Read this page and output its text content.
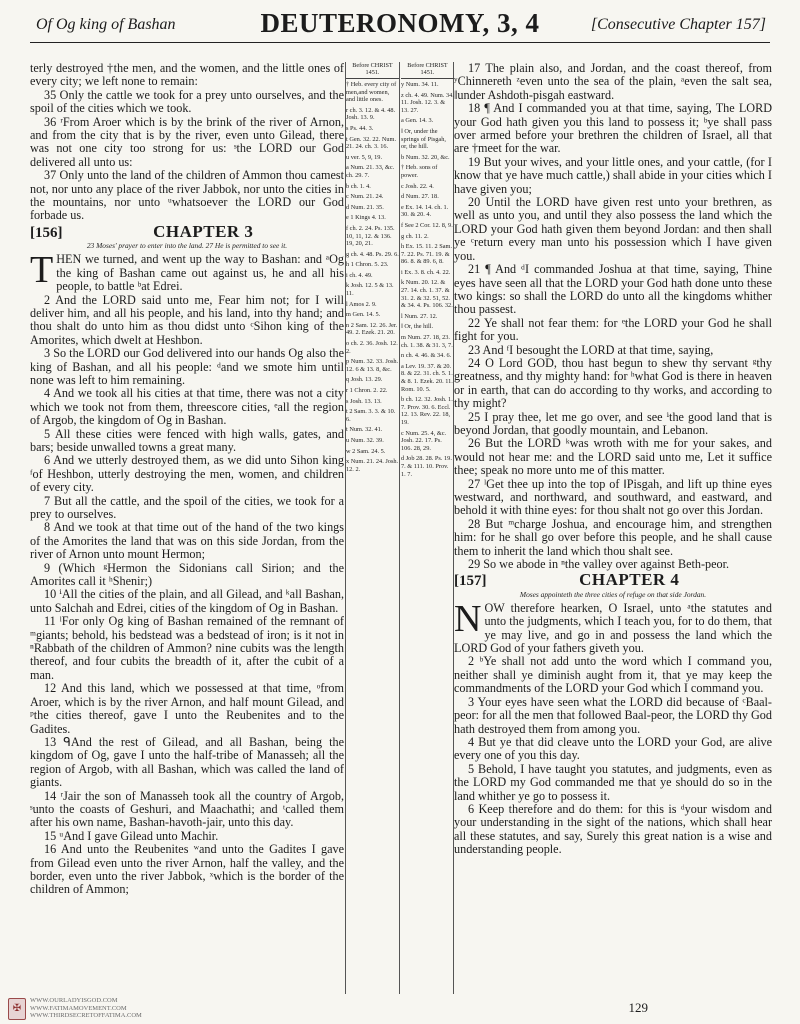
Of Og king of Bashan	DEUTERONOMY, 3, 4	[Consecutive Chapter 157]

terly destroyed †the men, and the women, and the little ones of every city; we left none to remain:

35 Only the cattle we took for a prey unto ourselves, and the spoil of the cities which we took.

36 ʳFrom Aroer which is by the brink of the river of Arnon, and from the city that is by the river, even unto Gilead, there was not one city too strong for us: ˢthe LORD our God delivered all unto us:

37 Only unto the land of the children of Ammon thou camest not, nor unto any place of the river Jabbok, nor unto the cities in the mountains, nor unto ᵘwhatsoever the LORD our God forbade us.

[156]	CHAPTER 3
23 Moses' prayer to enter into the land. 27 He is permitted to see it.
T HEN we turned, and went up the way to Bashan: and ᵃOg the king of Bashan came out against us, he and all his people, to battle ᵇat Edrei.

2 And the LORD said unto me, Fear him not; for I will deliver him, and all his people, and his land, into thy hand; and thou shalt do unto him as thou didst unto ᶜSihon king of the Amorites, which dwelt at Heshbon.

3 So the LORD our God delivered into our hands Og also the king of Bashan, and all his people: ᵈand we smote him until none was left to him remaining.

4 And we took all his cities at that time, there was not a city which we took not from them, threescore cities, ᵉall the region of Argob, the kingdom of Og in Bashan.

5 All these cities were fenced with high walls, gates, and bars; beside unwalled towns a great many.

6 And we utterly destroyed them, as we did unto Sihon king ᶠof Heshbon, utterly destroying the men, women, and children of every city.

7 But all the cattle, and the spoil of the cities, we took for a prey to ourselves.

8 And we took at that time out of the hand of the two kings of the Amorites the land that was on this side Jordan, from the river of Arnon unto mount Hermon;

9 (Which ᵍHermon the Sidonians call Sirion; and the Amorites call it ʰShenir;)

10 ⁱAll the cities of the plain, and all Gilead, and ᵏall Bashan, unto Salchah and Edrei, cities of the kingdom of Og in Bashan.

11 ˡFor only Og king of Bashan remained of the remnant of ᵐgiants; behold, his bedstead was a bedstead of iron; is it not in ⁿRabbath of the children of Ammon? nine cubits was the length thereof, and four cubits the breadth of it, after the cubit of a man.

12 And this land, which we possessed at that time, ᵒfrom Aroer, which is by the river Arnon, and half mount Gilead, and ᵖthe cities thereof, gave I unto the Reubenites and to the Gadites.

13 ᑫAnd the rest of Gilead, and all Bashan, being the kingdom of Og, gave I unto the half-tribe of Manasseh; all the region of Argob, with all Bashan, which was called the land of giants.

14 ʳJair the son of Manasseh took all the country of Argob, ˢunto the coasts of Geshuri, and Maachathi; and ᵗcalled them after his own name, Bashan-havoth-jair, unto this day.

15 ᵘAnd I gave Gilead unto Machir.

16 And unto the Reubenites ʷand unto the Gadites I gave from Gilead even unto the river Arnon, half the valley, and the border, even unto the river Jabbok, ˣwhich is the border of the children of Ammon;

Before CHRIST 1451.
† Heb. every city of men,and women, and little ones.
r ch. 3. 12. & 4. 48. Josh. 13. 9.
s Ps. 44. 3.
t Gen. 32. 22. Num. 21. 24. ch. 3. 16.
u ver. 5, 9, 19.
a Num. 21. 33, &c. ch. 29. 7.
b ch. 1. 4.
c Num. 21. 24.
d Num. 21. 35.
e 1 Kings 4. 13.
f ch. 2. 24. Ps. 135. 10, 11, 12. & 136. 19, 20, 21.
g ch. 4. 48. Ps. 29. 6.
h 1 Chron. 5. 23.
i ch. 4. 49.
k Josh. 12. 5 & 13. 11.
l Amos 2. 9.
m Gen. 14. 5.
n 2 Sam. 12. 26. Jer. 49. 2. Ezek. 21. 20.
o ch. 2. 36. Josh. 12. 2.
p Num. 32. 33. Josh. 12. 6 & 13. 8, &c.
q Josh. 13. 29.
r 1 Chron. 2. 22.
s Josh. 13. 13.
t 2 Sam. 3. 3. & 10. 6.
t Num. 32. 41.
u Num. 32. 39.
w 2 Sam. 24. 5.
x Num. 21. 24. Josh. 12. 2.
Before CHRIST 1451.
y Num. 34. 11.
z ch. 4. 49. Num. 34. 11. Josh. 12. 3. & 13. 27.
a Gen. 14. 3.
‖ Or, under the springs of Pisgah, or, the hill.
b Num. 32. 20, &c.
† Heb. sons of power.
c Josh. 22. 4.
d Num. 27. 18.
e Ex. 14. 14. ch. 1. 30. & 20. 4.
f See 2 Cor. 12. 8, 9.
g ch. 11. 2.
h Ex. 15. 11. 2 Sam. 7. 22. Ps. 71. 19. & 86. 8. & 89. 6, 8.
i Ex. 3. 8. ch. 4. 22.
k Num. 20. 12. & 27. 14. ch. 1. 37. & 31. 2. & 32. 51, 52. & 34. 4. Ps. 106. 32.
l Num. 27. 12.
‖ Or, the hill.
m Num. 27. 18, 23. ch. 1. 38. & 31. 3, 7.
n ch. 4. 46. & 34. 6.
a Lev. 19. 37. & 20. 8. & 22. 31. ch. 5. 1. & 8. 1. Ezek. 20. 11. Rom. 10. 5.
b ch. 12. 32. Josh. 1. 7. Prov. 30. 6. Eccl. 12. 13. Rev. 22. 18, 19.
c Num. 25. 4, &c. Josh. 22. 17. Ps. 106. 28, 29.
d Job 28. 28. Ps. 19. 7. & 111. 10. Prov. 1. 7.

17 The plain also, and Jordan, and the coast thereof, from ʸChinnereth ᶻeven unto the sea of the plain, ᵃeven the salt sea, ‖under Ashdoth-pisgah eastward.

18 ¶ And I commanded you at that time, saying, The LORD your God hath given you this land to possess it; ᵇye shall pass over armed before your brethren the children of Israel, all that are †meet for the war.

19 But your wives, and your little ones, and your cattle, (for I know that ye have much cattle,) shall abide in your cities which I have given you;

20 Until the LORD have given rest unto your brethren, as well as unto you, and until they also possess the land which the LORD your God hath given them beyond Jordan: and then shall ye ᶜreturn every man unto his possession which I have given you.

21 ¶ And ᵈI commanded Joshua at that time, saying, Thine eyes have seen all that the LORD your God hath done unto these two kings: so shall the LORD do unto all the kingdoms whither thou passest.

22 Ye shall not fear them: for ᵉthe LORD your God he shall fight for you.

23 And ᶠI besought the LORD at that time, saying,

24 O Lord GOD, thou hast begun to shew thy servant ᵍthy greatness, and thy mighty hand: for ʰwhat God is there in heaven or in earth, that can do according to thy works, and according to thy might?

25 I pray thee, let me go over, and see ⁱthe good land that is beyond Jordan, that goodly mountain, and Lebanon.

26 But the LORD ᵏwas wroth with me for your sakes, and would not hear me: and the LORD said unto me, Let it suffice thee; speak no more unto me of this matter.

27 ˡGet thee up into the top of ‖Pisgah, and lift up thine eyes westward, and northward, and southward, and eastward, and behold it with thine eyes: for thou shalt not go over this Jordan.

28 But ᵐcharge Joshua, and encourage him, and strengthen him: for he shall go over before this people, and he shall cause them to inherit the land which thou shalt see.

29 So we abode in ⁿthe valley over against Beth-peor.

[157]	CHAPTER 4
Moses appointeth the three cities of refuge on that side Jordan.
N OW therefore hearken, O Israel, unto ᵃthe statutes and unto the judgments, which I teach you, for to do them, that ye may live, and go in and possess the land which the LORD God of your fathers giveth you.

2 ᵇYe shall not add unto the word which I command you, neither shall ye diminish aught from it, that ye may keep the commandments of the LORD your God which I command you.

3 Your eyes have seen what the LORD did because of ᶜBaal-peor: for all the men that followed Baal-peor, the LORD thy God hath destroyed them from among you.

4 But ye that did cleave unto the LORD your God, are alive every one of you this day.

5 Behold, I have taught you statutes, and judgments, even as the LORD my God commanded me that ye should do so in the land whither ye go to possess it.

6 Keep therefore and do them: for this is ᵈyour wisdom and your understanding in the sight of the nations, which shall hear all these statutes, and say, Surely this great nation is a wise and understanding people.

129
✠
WWW.OURLADYISGOD.COM
WWW.FATIMAMOVEMENT.COM
WWW.THIRDSECRETOFFATIMA.COM
